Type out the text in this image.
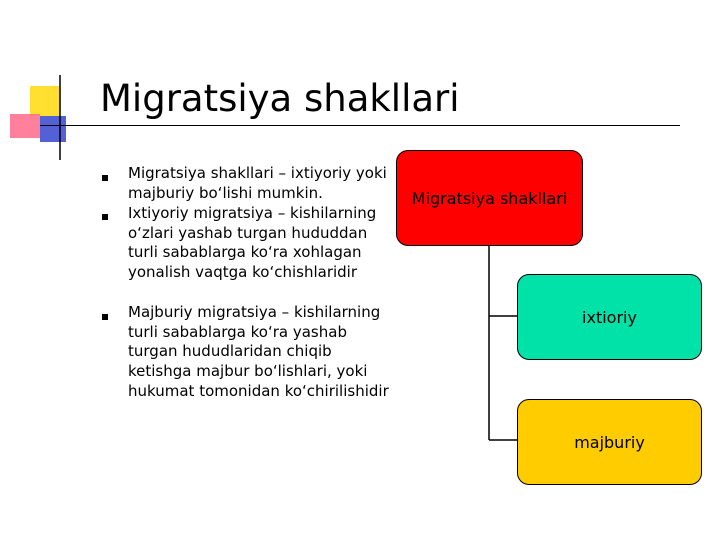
Migratsiya shakllari
Migratsiya shakllari – ixtiyoriy yoki majburiy bo‘lishi mumkin.
Ixtiyoriy migratsiya – kishilarning o‘zlari yashab turgan hududdan turli sabablarga ko‘ra xohlagan yonalish vaqtga ko‘chishlaridir
Majburiy migratsiya – kishilarning turli sabablarga ko‘ra yashab turgan hududlaridan chiqib ketishga majbur bo‘lishlari, yoki hukumat tomonidan ko‘chirilishidir
Migratsiya shakllari
ixtioriy
majburiy
